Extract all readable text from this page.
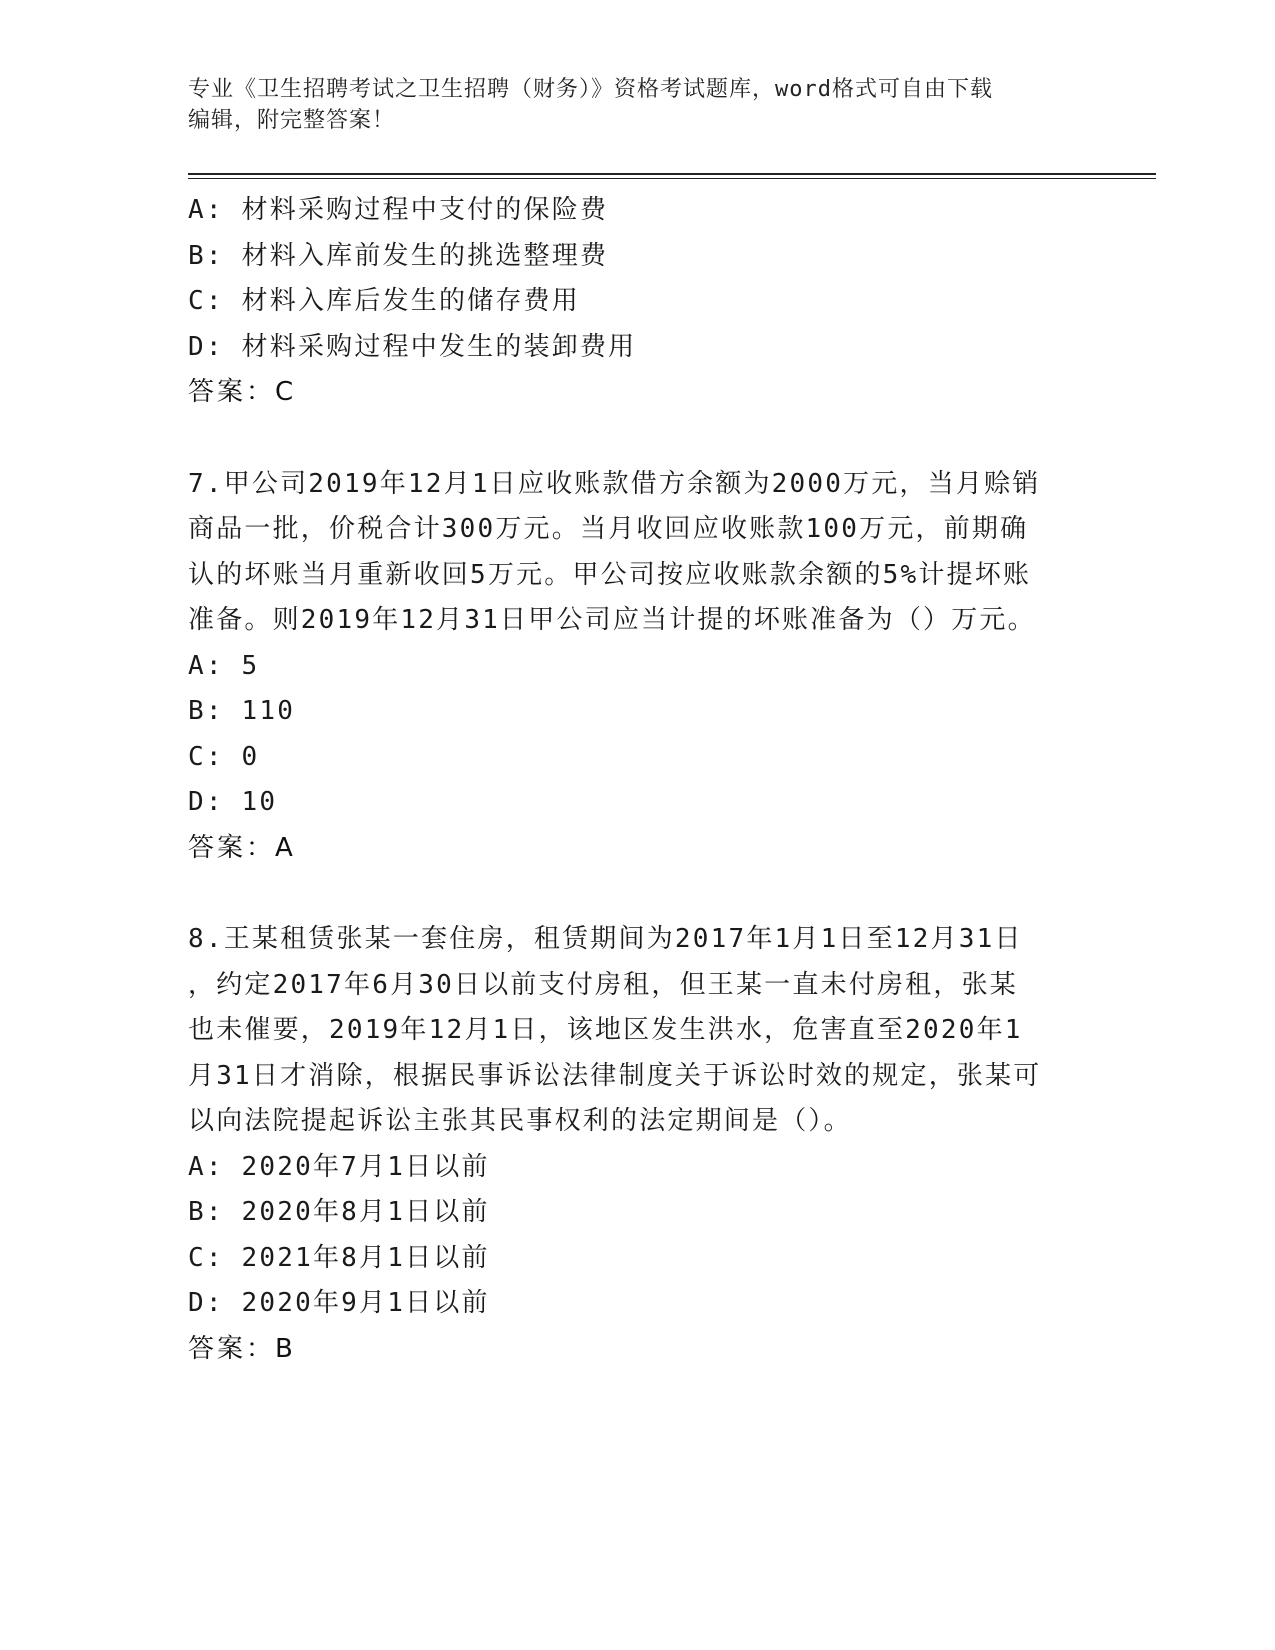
专业《卫生招聘考试之卫生招聘（财务）》资格考试题库，word格式可自由下载
编辑，附完整答案！
A: 材料采购过程中支付的保险费
B: 材料入库前发生的挑选整理费
C: 材料入库后发生的储存费用
D: 材料采购过程中发生的装卸费用
答案：C
7.甲公司2019年12月1日应收账款借方余额为2000万元，当月赊销
商品一批，价税合计300万元。当月收回应收账款100万元，前期确
认的坏账当月重新收回5万元。甲公司按应收账款余额的5%计提坏账
准备。则2019年12月31日甲公司应当计提的坏账准备为（）万元。
A: 5
B: 110
C: 0
D: 10
答案：A
8.王某租赁张某一套住房，租赁期间为2017年1月1日至12月31日
，约定2017年6月30日以前支付房租，但王某一直未付房租，张某
也未催要，2019年12月1日，该地区发生洪水，危害直至2020年1
月31日才消除，根据民事诉讼法律制度关于诉讼时效的规定，张某可
以向法院提起诉讼主张其民事权利的法定期间是（）。
A: 2020年7月1日以前
B: 2020年8月1日以前
C: 2021年8月1日以前
D: 2020年9月1日以前
答案：B
